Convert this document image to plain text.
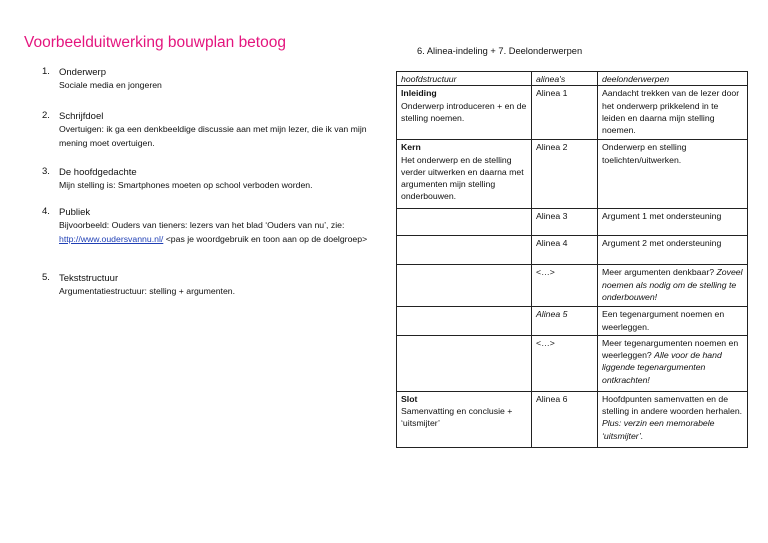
Voorbeelduitwerking bouwplan betoog
1. Onderwerp
Sociale media en jongeren
2. Schrijfdoel
Overtuigen: ik ga een denkbeeldige discussie aan met mijn lezer, die ik van mijn mening moet overtuigen.
3. De hoofdgedachte
Mijn stelling is: Smartphones moeten op school verboden worden.
4. Publiek
Bijvoorbeeld: Ouders van tieners: lezers van het blad ‘Ouders van nu’, zie: http://www.oudersvannu.nl/ <pas je woordgebruik en toon aan op de doelgroep>
5. Tekststructuur
Argumentatiestructuur: stelling + argumenten.
6. Alinea-indeling + 7. Deelonderwerpen
hoofdstructuur	alinea's	deelonderwerpen

Inleiding
Onderwerp introduceren + en de stelling noemen.	Alinea 1	Aandacht trekken van de lezer door het onderwerp prikkelend in te leiden en daarna mijn stelling noemen.

Kern
Het onderwerp en de stelling verder uitwerken en daarna met argumenten mijn stelling onderbouwen.	Alinea 2	Onderwerp en stelling toelichten/uitwerken.
	Alinea 3	Argument 1 met ondersteuning
	Alinea 4	Argument 2 met ondersteuning
	<…>	Meer argumenten denkbaar? Zoveel noemen als nodig om de stelling te onderbouwen!
	Alinea 5	Een tegenargument noemen en weerleggen.
	<…>	Meer tegenargumenten noemen en weerleggen? Alle voor de hand liggende tegenargumenten ontkrachten!

Slot
Samenvatting en conclusie + ‘uitsmijter’	Alinea 6	Hoofdpunten samenvatten en de stelling in andere woorden herhalen. Plus: verzin een memorabele ‘uitsmijter’.
